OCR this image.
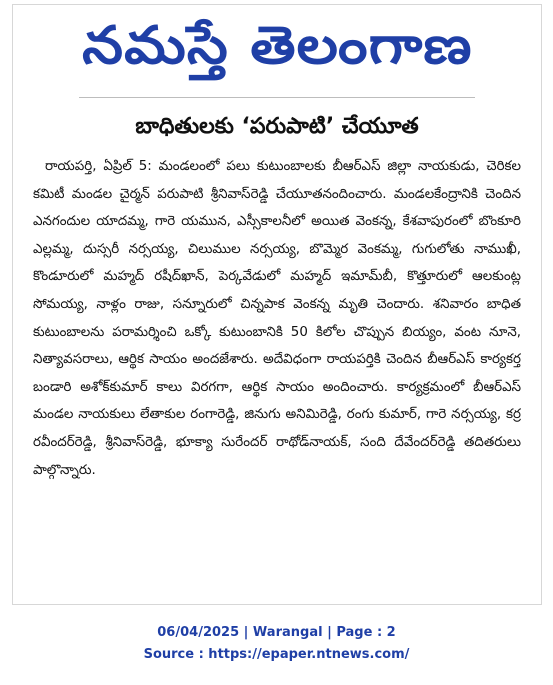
నమస్తే తెలంగాణ
బాధితులకు ‘పరుపాటి’ చేయూత

రాయపర్తి, ఏప్రిల్ 5: మండలంలో పలు కుటుంబాలకు బీఆర్ఎస్ జిల్లా నాయకుడు, చెరికల కమిటీ మండల చైర్మన్ పరుపాటి శ్రీనివాస్‌రెడ్డి చేయూతనందించారు. మండలకేంద్రానికి చెందిన ఎనగందుల యాదమ్మ, గారె యమున, ఎస్సీకాలనీలో అయిత వెంకన్న, కేశవాపురంలో బొంకూరి ఎల్లమ్మ, దుస్సరీ నర్సయ్య, చిలుముల నర్సయ్య, బొమ్మెర వెంకమ్మ, గుగులోతు నాముఖీ, కొండూరులో మహ్మద్ రషీద్‌ఖాన్, పెర్కవేడులో మహ్మద్ ఇమామ్‌బీ, కొత్తూరులో ఆలకుంట్ల సోమయ్య, నాళ్లం రాజు, సన్నూరులో చిన్నపాక వెంకన్న మృతి చెందారు. శనివారం బాధిత కుటుంబాలను పరామర్శించి ఒక్కో కుటుంబానికి 50 కిలోల చొప్పున బియ్యం, వంట నూనె, నిత్యావసరాలు, ఆర్థిక సాయం అందజేశారు. అదేవిధంగా రాయపర్తికి చెందిన బీఆర్ఎస్ కార్యకర్త బండారి అశోక్‌కుమార్ కాలు విరగగా, ఆర్థిక సాయం అందించారు. కార్యక్రమంలో బీఆర్ఎస్ మండల నాయకులు లేతాకుల రంగారెడ్డి, జినుగు అనిమిరెడ్డి, రంగు కుమార్, గారె నర్సయ్య, కర్ర రవీందర్‌రెడ్డి, శ్రీనివాస్‌రెడ్డి, భూక్యా సురేందర్ రాథోడ్‌నాయక్, సంది దేవేందర్‌రెడ్డి తదితరులు పాల్గొన్నారు.

06/04/2025 | Warangal | Page : 2
Source : https://epaper.ntnews.com/
